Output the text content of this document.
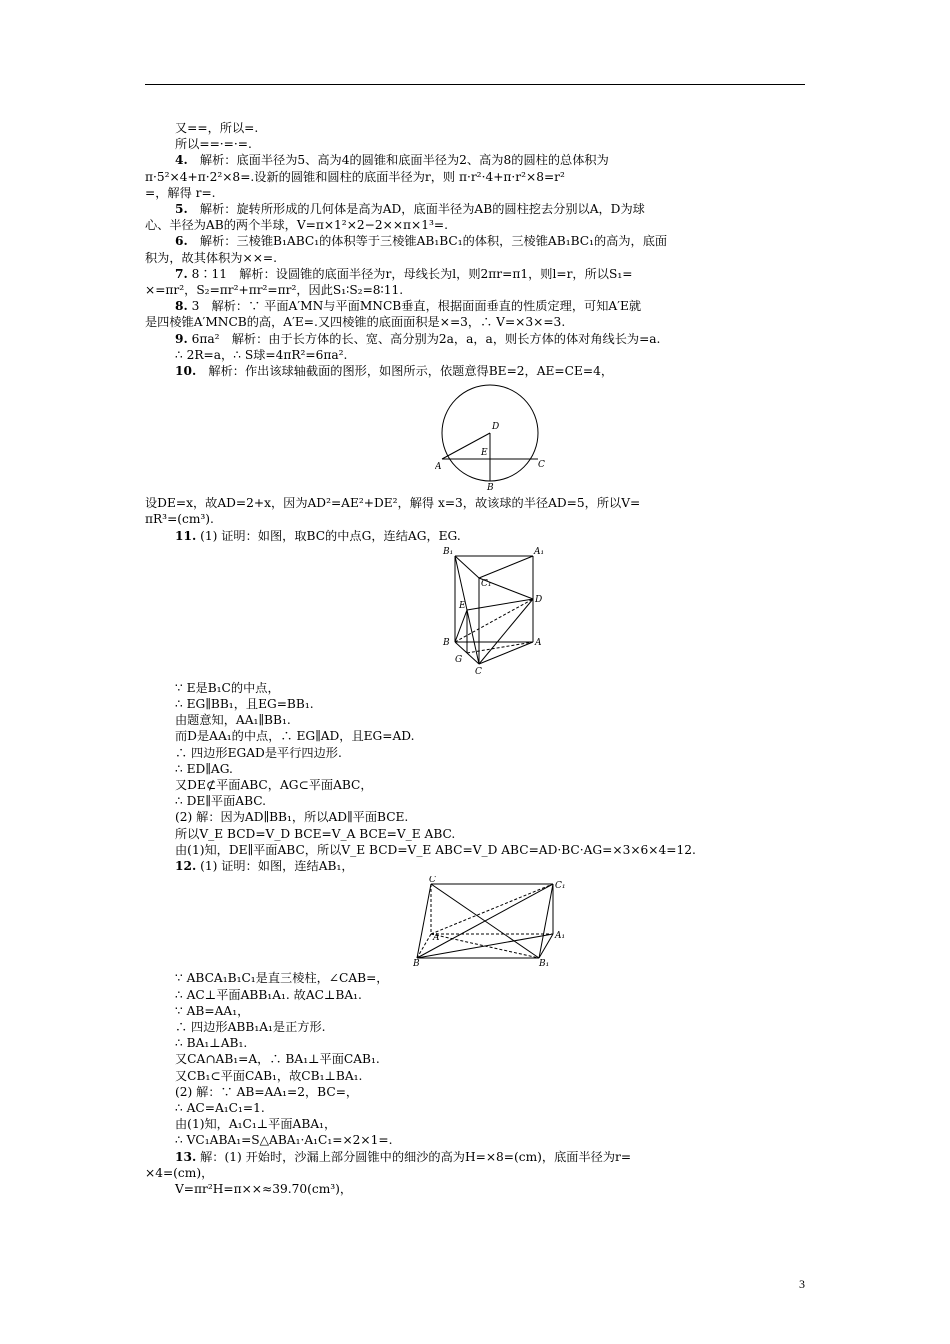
又==，所以=.

所以==·=·=.

4.　解析：底面半径为5、高为4的圆锥和底面半径为2、高为8的圆柱的总体积为

π·5²×4+π·2²×8=.设新的圆锥和圆柱的底面半径为r，则 π·r²·4+π·r²×8=r²

=，解得 r=.

5.　解析：旋转所形成的几何体是高为AD，底面半径为AB的圆柱挖去分别以A，D为球

心、半径为AB的两个半球，V=π×1²×2−2××π×1³=.

6.　解析：三棱锥B₁ABC₁的体积等于三棱锥AB₁BC₁的体积，三棱锥AB₁BC₁的高为，底面

积为，故其体积为××=.

7. 8∶11　解析：设圆锥的底面半径为r，母线长为l，则2πr=π1，则l=r，所以S₁=

×=πr²，S₂=πr²+πr²=πr²，因此S₁∶S₂=8∶11.

8. 3　解析：∵ 平面A′MN与平面MNCB垂直，根据面面垂直的性质定理，可知A′E就

是四棱锥A′MNCB的高，A′E=.又四棱锥的底面面积是×=3，∴ V=×3×=3.

9. 6πa²　解析：由于长方体的长、宽、高分别为2a，a，a，则长方体的体对角线长为=a.

∴ 2R=a，∴ S球=4πR²=6πa².

10.　解析：作出该球轴截面的图形，如图所示，依题意得BE=2，AE=CE=4，

D
E
A	C
B

设DE=x，故AD=2+x，因为AD²=AE²+DE²，解得 x=3，故该球的半径AD=5，所以V=

πR³=(cm³).

11. (1) 证明：如图，取BC的中点G，连结AG，EG.

B₁	A₁
C₁
D
E
B	A
G
C

∵ E是B₁C的中点，

∴ EG∥BB₁，且EG=BB₁.

由题意知，AA₁∥BB₁.

而D是AA₁的中点，∴ EG∥AD，且EG=AD.

∴ 四边形EGAD是平行四边形.

∴ ED∥AG.

又DE⊄平面ABC，AG⊂平面ABC，

∴ DE∥平面ABC.

(2) 解：因为AD∥BB₁，所以AD∥平面BCE.

所以V_E BCD=V_D BCE=V_A BCE=V_E ABC.

由(1)知，DE∥平面ABC，所以V_E BCD=V_E ABC=V_D ABC=AD·BC·AG=×3×6×4=12.

12. (1) 证明：如图，连结AB₁，

C
C₁
A	A₁
B	B₁

∵ ABCA₁B₁C₁是直三棱柱，∠CAB=，

∴ AC⊥平面ABB₁A₁. 故AC⊥BA₁.

∵ AB=AA₁，

∴ 四边形ABB₁A₁是正方形.

∴ BA₁⊥AB₁.

又CA∩AB₁=A，∴ BA₁⊥平面CAB₁.

又CB₁⊂平面CAB₁，故CB₁⊥BA₁.

(2) 解：∵ AB=AA₁=2，BC=，

∴ AC=A₁C₁=1.

由(1)知，A₁C₁⊥平面ABA₁，

∴ VC₁ABA₁=S△ABA₁·A₁C₁=×2×1=.

13. 解：(1) 开始时，沙漏上部分圆锥中的细沙的高为H=×8=(cm)，底面半径为r=

×4=(cm)，

V=πr²H=π××≈39.70(cm³)，

3
